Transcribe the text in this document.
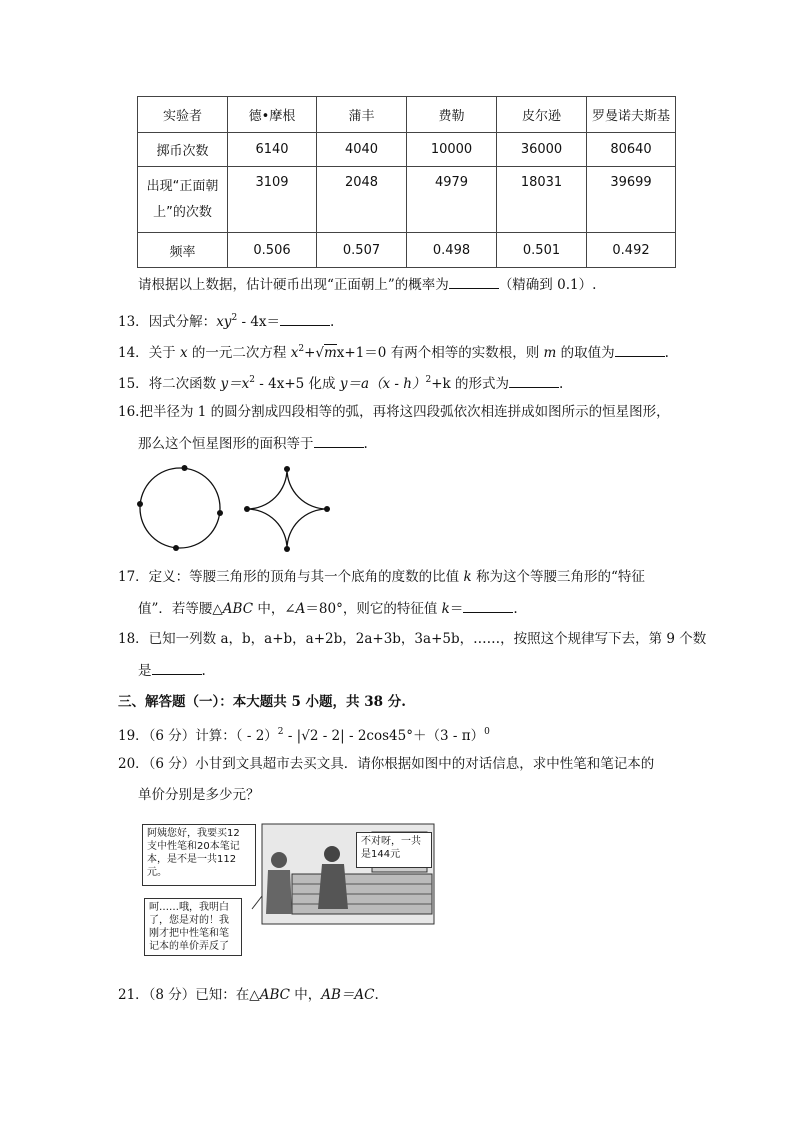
实验者	德•摩根	蒲丰	费勒	皮尔逊	罗曼诺夫斯基
掷币次数	6140	4040	10000	36000	80640
出现“正面朝
上”的次数	3109	2048	4979	18031	39699
频率	0.506	0.507	0.498	0.501	0.492
请根据以上数据，估计硬币出现“正面朝上”的概率为	（精确到 0.1）.
13．因式分解：$xy^2 - 4x=$	.
14．关于 x 的一元二次方程 $x^2+√mx+1=0$ 有两个相等的实数根，则 m 的取值为	.
15．将二次函数 $y=x^2 - 4x+5$ 化成 y＝a（x - h）$^2$+k 的形式为	.
16.把半径为 1 的圆分割成四段相等的弧，再将这四段弧依次相连拼成如图所示的恒星图形，
那么这个恒星图形的面积等于	.
17．定义：等腰三角形的顶角与其一个底角的度数的比值 k 称为这个等腰三角形的“特征
值”．若等腰△ABC 中，∠A＝80°，则它的特征值 k＝	.
18．已知一列数 a，b，a+b，a+2b，2a+3b，3a+5b，……，按照这个规律写下去，第 9 个数
是	.
三、解答题（一）：本大题共 5 小题，共 38 分.
19．（6 分）计算：（ - 2）$^2$ - |√2 - 2| - 2cos45°＋（3 - π）$^0$
20．（6 分）小甘到文具超市去买文具．请你根据如图中的对话信息，求中性笔和笔记本的
单价分别是多少元？
阿姨您好，我要买12
支中性笔和20本笔记
本，是不是一共112
元。
不对呀，一共
是144元
呵……哦，我明白
了，您是对的！我
刚才把中性笔和笔
记本的单价弄反了
21．（8 分）已知：在△ABC 中，AB＝AC.
